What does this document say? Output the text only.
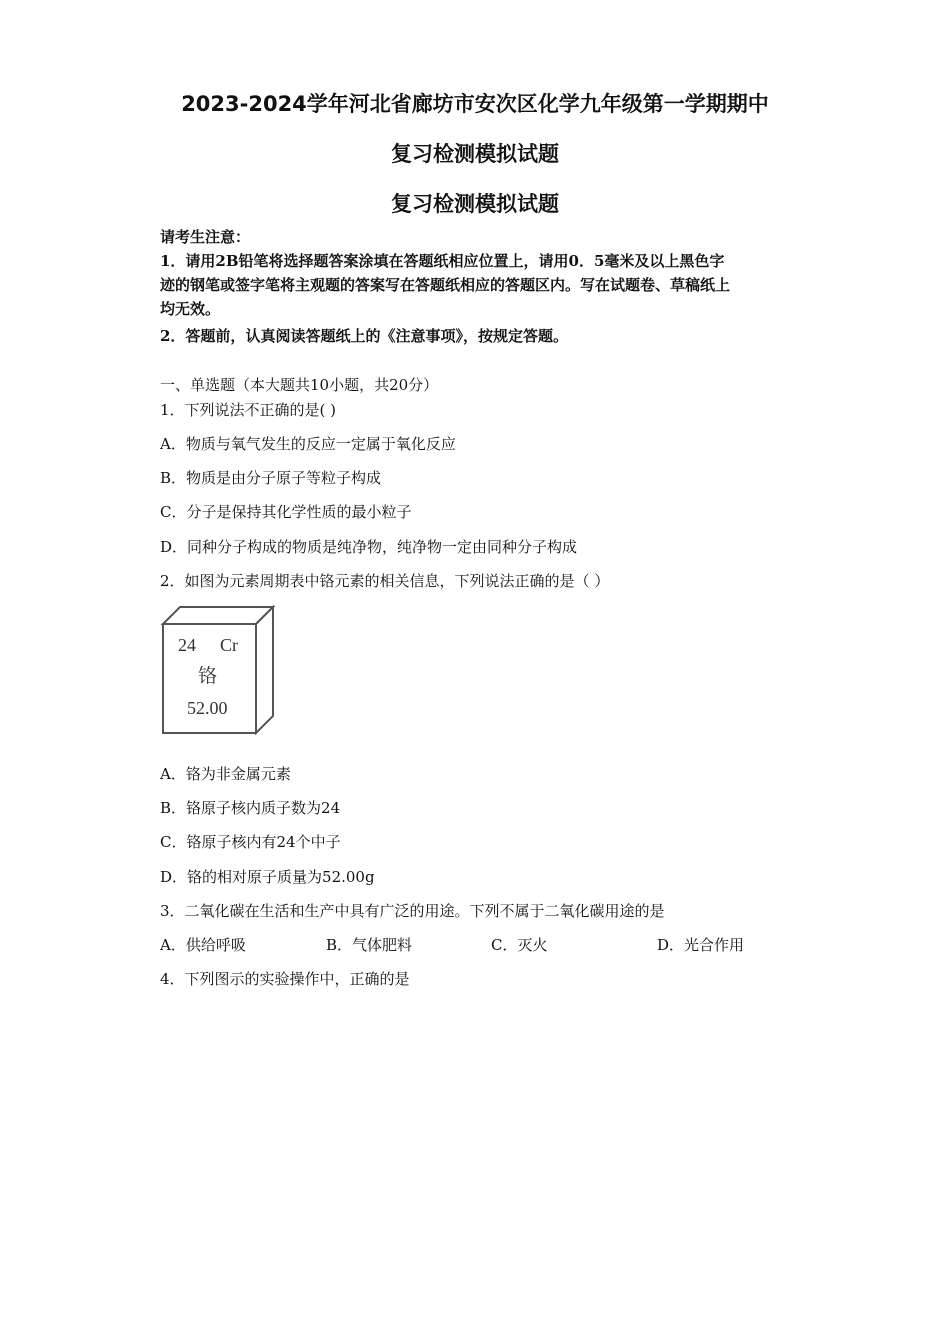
2023-2024学年河北省廊坊市安次区化学九年级第一学期期中
复习检测模拟试题
复习检测模拟试题
请考生注意：
1．请用2B铅笔将选择题答案涂填在答题纸相应位置上，请用0．5毫米及以上黑色字
迹的钢笔或签字笔将主观题的答案写在答题纸相应的答题区内。写在试题卷、草稿纸上
均无效。
2．答题前，认真阅读答题纸上的《注意事项》，按规定答题。
一、单选题（本大题共10小题，共20分）
1．下列说法不正确的是( )
A．物质与氧气发生的反应一定属于氧化反应
B．物质是由分子原子等粒子构成
C．分子是保持其化学性质的最小粒子
D．同种分子构成的物质是纯净物，纯净物一定由同种分子构成
2．如图为元素周期表中铬元素的相关信息，下列说法正确的是（ ）
24 Cr
铬
52.00
A．铬为非金属元素
B．铬原子核内质子数为24
C．铬原子核内有24个中子
D．铬的相对原子质量为52.00g
3．二氧化碳在生活和生产中具有广泛的用途。下列不属于二氧化碳用途的是
A．供给呼吸	B．气体肥料	C．灭火	D．光合作用
4．下列图示的实验操作中，正确的是
